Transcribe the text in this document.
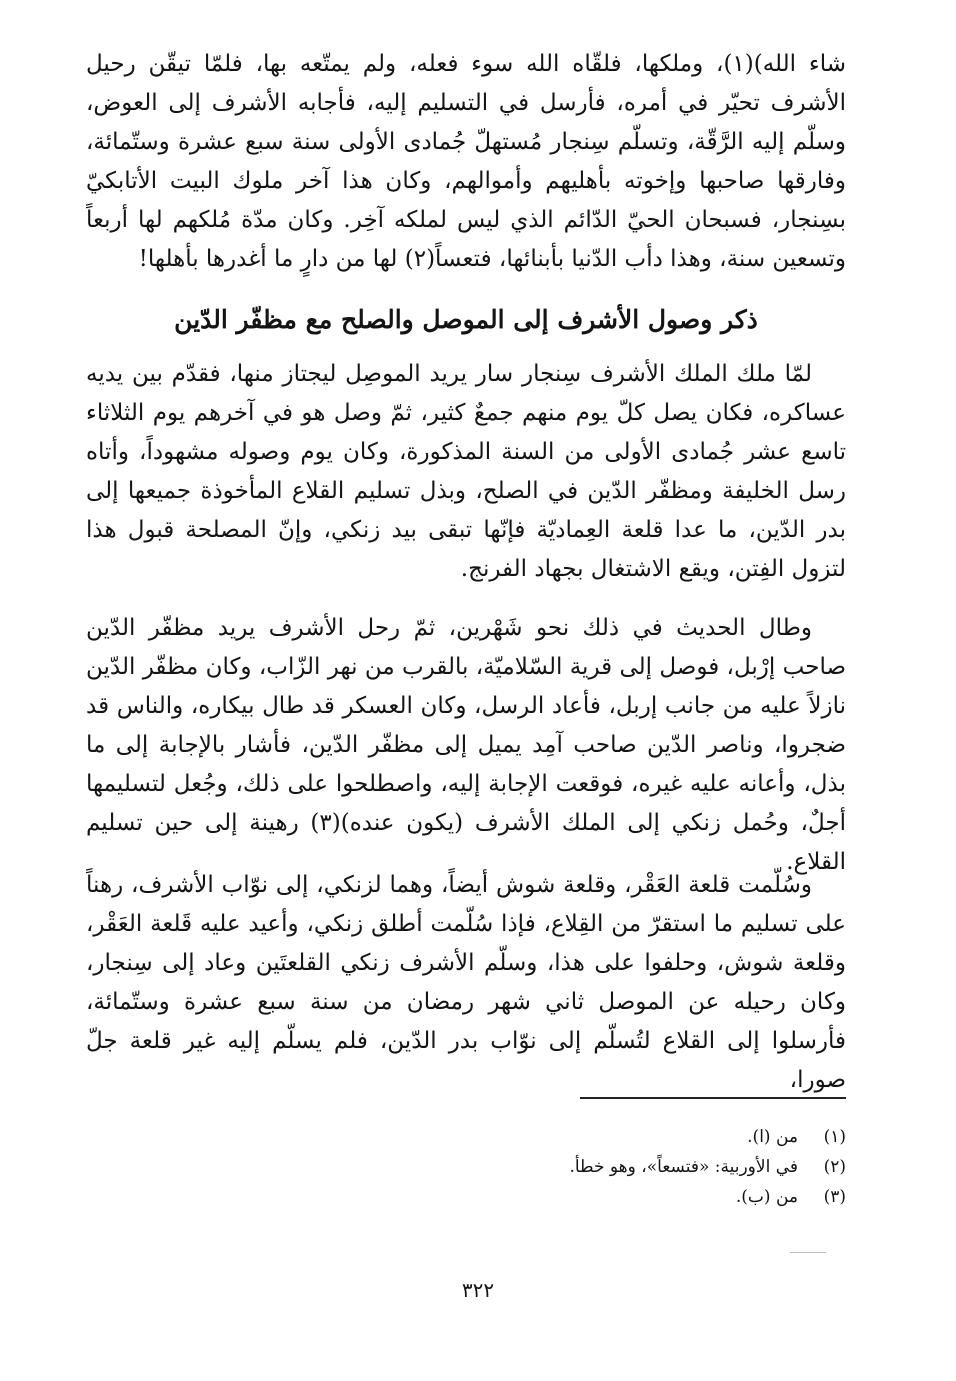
شاء الله)(١)، وملكها، فلقّاه الله سوء فعله، ولم يمتّعه بها، فلمّا تيقّن رحيل الأشرف تحيّر في أمره، فأرسل في التسليم إليه، فأجابه الأشرف إلى العوض، وسلّم إليه الرَّقّة، وتسلّم سِنجار مُستهلّ جُمادى الأولى سنة سبع عشرة وستّمائة، وفارقها صاحبها وإخوته بأهليهم وأموالهم، وكان هذا آخر ملوك البيت الأتابكيّ بسِنجار، فسبحان الحيّ الدّائم الذي ليس لملكه آخِر. وكان مدّة مُلكهم لها أربعاً وتسعين سنة، وهذا دأب الدّنيا بأبنائها، فتعساً(٢) لها من دارٍ ما أغدرها بأهلها!

ذكر وصول الأشرف إلى الموصل والصلح مع مظفّر الدّين

لمّا ملك الملك الأشرف سِنجار سار يريد الموصِل ليجتاز منها، فقدّم بين يديه عساكره، فكان يصل كلّ يوم منهم جمعٌ كثير، ثمّ وصل هو في آخرهم يوم الثلاثاء تاسع عشر جُمادى الأولى من السنة المذكورة، وكان يوم وصوله مشهوداً، وأتاه رسل الخليفة ومظفّر الدّين في الصلح، وبذل تسليم القلاع المأخوذة جميعها إلى بدر الدّين، ما عدا قلعة العِماديّة فإنّها تبقى بيد زنكي، وإنّ المصلحة قبول هذا لتزول الفِتن، ويقع الاشتغال بجهاد الفرنج.

وطال الحديث في ذلك نحو شَهْرين، ثمّ رحل الأشرف يريد مظفّر الدّين صاحب إرْبل، فوصل إلى قرية السّلاميّة، بالقرب من نهر الزّاب، وكان مظفّر الدّين نازلاً عليه من جانب إربل، فأعاد الرسل، وكان العسكر قد طال بيكاره، والناس قد ضجروا، وناصر الدّين صاحب آمِد يميل إلى مظفّر الدّين، فأشار بالإجابة إلى ما بذل، وأعانه عليه غيره، فوقعت الإجابة إليه، واصطلحوا على ذلك، وجُعل لتسليمها أجلٌ، وحُمل زنكي إلى الملك الأشرف (يكون عنده)(٣) رهينة إلى حين تسليم القلاع.

وسُلّمت قلعة العَقْر، وقلعة شوش أيضاً، وهما لزنكي، إلى نوّاب الأشرف، رهناً على تسليم ما استقرّ من القِلاع، فإذا سُلّمت أطلق زنكي، وأعيد عليه قَلعة العَقْر، وقلعة شوش، وحلفوا على هذا، وسلّم الأشرف زنكي القلعتَين وعاد إلى سِنجار، وكان رحيله عن الموصل ثاني شهر رمضان من سنة سبع عشرة وستّمائة، فأرسلوا إلى القلاع لتُسلّم إلى نوّاب بدر الدّين، فلم يسلّم إليه غير قلعة جلّ صورا،

(١)
من (ا).
(٢)
في الأوربية: «فتسعاً»، وهو خطأ.
(٣)
من (ب).
٣٢٢
